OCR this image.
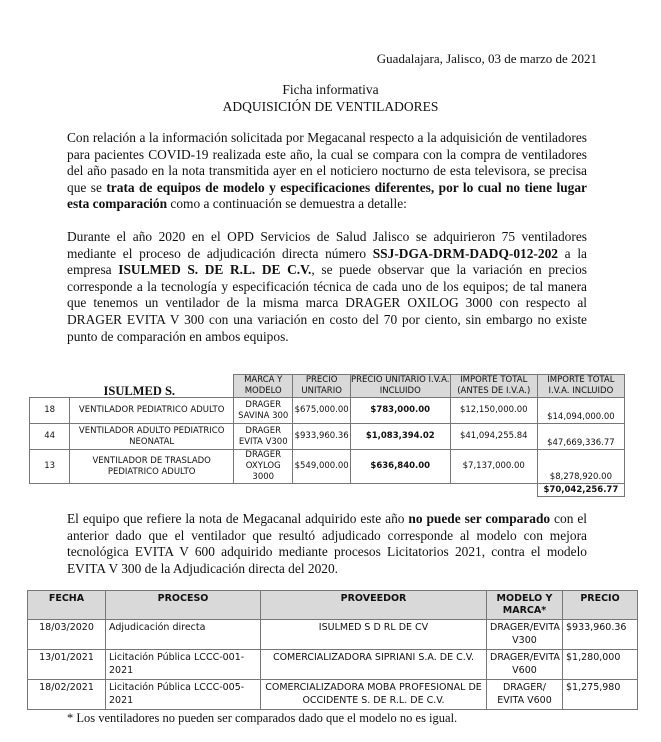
Guadalajara, Jalisco, 03 de marzo de 2021
Ficha informativa
ADQUISICIÓN DE VENTILADORES
Con relación a la información solicitada por Megacanal respecto a la adquisición de ventiladores para pacientes COVID-19 realizada este año, la cual se compara con la compra de ventiladores del año pasado en la nota transmitida ayer en el noticiero nocturno de esta televisora, se precisa que se trata de equipos de modelo y especificaciones diferentes, por lo cual no tiene lugar esta comparación como a continuación se demuestra a detalle:
Durante el año 2020 en el OPD Servicios de Salud Jalisco se adquirieron 75 ventiladores mediante el proceso de adjudicación directa número SSJ-DGA-DRM-DADQ-012-202 a la empresa ISULMED S. DE R.L. DE C.V., se puede observar que la variación en precios corresponde a la tecnología y especificación técnica de cada uno de los equipos; de tal manera que tenemos un ventilador de la misma marca DRAGER OXILOG 3000 con respecto al DRAGER EVITA V 300 con una variación en costo del 70 por ciento, sin embargo no existe punto de comparación en ambos equipos.
ISULMED S.		MARCA Y MODELO	PRECIO UNITARIO	PRECIO UNITARIO I.V.A. INCLUIDO	IMPORTE TOTAL (ANTES DE I.V.A.)	IMPORTE TOTAL I.V.A. INCLUIDO
18	VENTILADOR PEDIATRICO ADULTO	DRAGER SAVINA 300	$675,000.00	$783,000.00	$12,150,000.00	$14,094,000.00
44	VENTILADOR ADULTO PEDIATRICO NEONATAL	DRAGER EVITA V300	$933,960.36	$1,083,394.02	$41,094,255.84	$47,669,336.77
13	VENTILADOR DE TRASLADO PEDIATRICO ADULTO	DRAGER OXYLOG 3000	$549,000.00	$636,840.00	$7,137,000.00	$8,278,920.00
						$70,042,256.77
El equipo que refiere la nota de Megacanal adquirido este año no puede ser comparado con el anterior dado que el ventilador que resultó adjudicado corresponde al modelo con mejora tecnológica EVITA V 600 adquirido mediante procesos Licitatorios 2021, contra el modelo EVITA V 300 de la Adjudicación directa del 2020.
FECHA	PROCESO	PROVEEDOR	MODELO Y MARCA*	PRECIO
18/03/2020	Adjudicación directa	ISULMED S D RL DE CV	DRAGER/EVITA V300	$933,960.36
13/01/2021	Licitación Pública LCCC-001-2021	COMERCIALIZADORA SIPRIANI S.A. DE C.V.	DRAGER/EVITA V600	$1,280,000
18/02/2021	Licitación Pública LCCC-005-2021	COMERCIALIZADORA MOBA PROFESIONAL DE OCCIDENTE S. DE R.L. DE C.V.	DRAGER/ EVITA V600	$1,275,980
* Los ventiladores no pueden ser comparados dado que el modelo no es igual.
